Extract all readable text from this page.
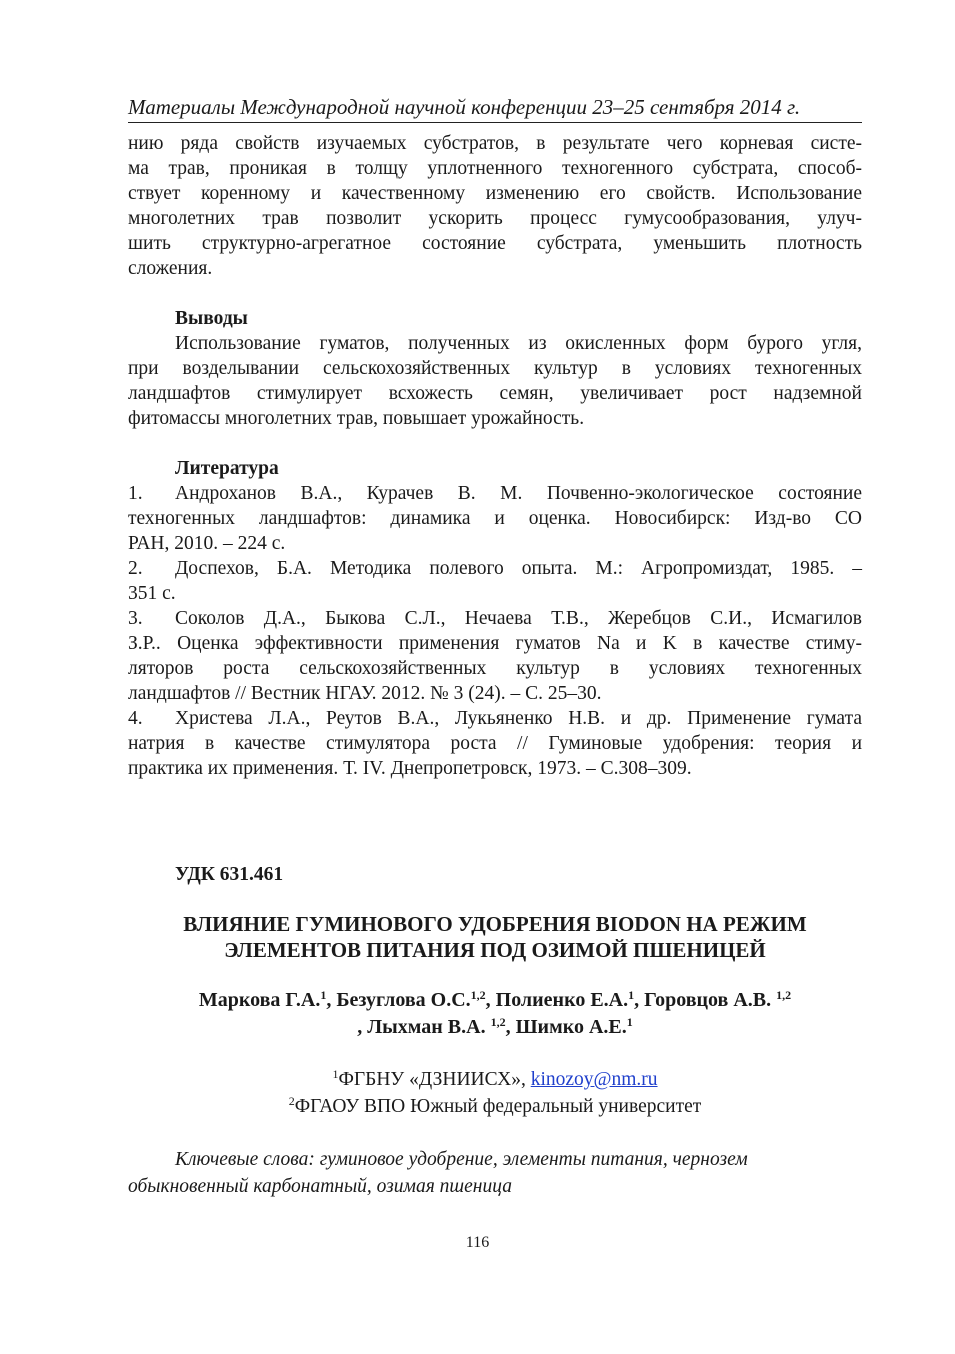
Материалы Международной научной конференции 23–25 сентября 2014 г.
нию ряда свойств изучаемых субстратов, в результате чего корневая систе-
ма трав, проникая в толщу уплотненного техногенного субстрата, способ-
ствует коренному и качественному изменению его свойств. Использование
многолетних трав позволит ускорить процесс гумусообразования, улуч-
шить структурно-агрегатное состояние субстрата, уменьшить плотность
сложения.
Выводы
Использование гуматов, полученных из окисленных форм бурого угля,
при возделывании сельскохозяйственных культур в условиях техногенных
ландшафтов стимулирует всхожесть семян, увеличивает рост надземной
фитомассы многолетних трав, повышает урожайность.
Литература
1. Андроханов В.А., Курачев В. М. Почвенно-экологическое состояние
техногенных ландшафтов: динамика и оценка. Новосибирск: Изд-во СО
РАН, 2010. – 224 с.
2. Доспехов, Б.А. Методика полевого опыта. М.: Агропромиздат, 1985. –
351 с.
3. Соколов Д.А., Быкова С.Л., Нечаева Т.В., Жеребцов С.И., Исмагилов
З.Р.. Оценка эффективности применения гуматов Na и K в качестве стиму-
ляторов роста сельскохозяйственных культур в условиях техногенных
ландшафтов // Вестник НГАУ. 2012. № 3 (24). – С. 25–30.
4. Христева Л.А., Реутов В.А., Лукьяненко Н.В. и др. Применение гумата
натрия в качестве стимулятора роста // Гуминовые удобрения: теория и
практика их применения. Т. IV. Днепропетровск, 1973. – С.308–309.
УДК 631.461
ВЛИЯНИЕ ГУМИНОВОГО УДОБРЕНИЯ BIODON НА РЕЖИМ
ЭЛЕМЕНТОВ ПИТАНИЯ ПОД ОЗИМОЙ ПШЕНИЦЕЙ
Маркова Г.А.$^1$, Безуглова О.С.$^{1,2}$, Полиенко Е.А.$^1$, Горовцов А.В. $^{1,2}$
, Лыхман В.А. $^{1,2}$, Шимко А.Е.$^1$
$^1$ФГБНУ «ДЗНИИСХ», kinozoy@nm.ru
$^2$ФГАОУ ВПО Южный федеральный университет
Ключевые слова: гуминовое удобрение, элементы питания, чернозем
обыкновенный карбонатный, озимая пшеница
116
